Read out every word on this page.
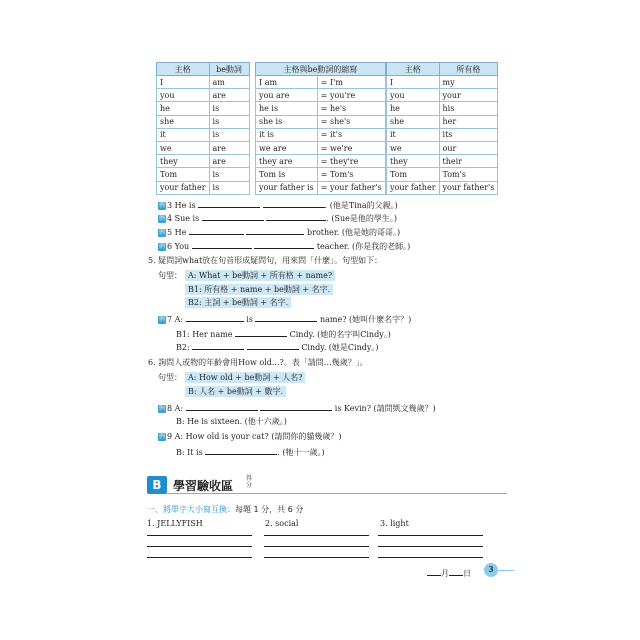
主格	be動詞
I	am
you	are
he	is
she	is
it	is
we	are
they	are
Tom	is
your father	is
主格與be動詞的縮寫	
I am	= I'm
you are	= you're
he is	= he's
she is	= she's
it is	= it's
we are	= we're
they are	= they're
Tom is	= Tom's
your father is	= your father's
主格	所有格
I	my
you	your
he	his
she	her
it	its
we	our
they	their
Tom	Tom's
your father	your father's
例 3 He is	. (他是Tina的父親。)
例 4 Sue is	. (Sue是他的學生。)
例 5 He	brother. (他是她的哥哥。)
例 6 You	teacher. (你是我的老師。)
5. 疑問詞what放在句首形成疑問句，用來問「什麼」。句型如下：
句型： A: What + be動詞 + 所有格 + name?
B1: 所有格 + name + be動詞 + 名字.
B2: 主詞 + be動詞 + 名字.
例 7 A:	is	name? (她叫什麼名字？)
B1: Her name	Cindy. (她的名字叫Cindy。)
B2:	Cindy. (她是Cindy。)
6. 詢問人或物的年齡會用How old...?。表「請問…幾歲？」。
句型： A: How old + be動詞 + 人名?
B: 人名 + be動詞 + 數字.
例 8 A:	is Kevin? (請問凱文幾歲？)
B: He is sixteen. (他十六歲。)
例 9 A: How old is your cat? (請問你的貓幾歲？)
B: It is	. (牠十一歲。)
B 學習驗收區
得分
一、將單字大小寫互換：每題 1 分，共 6 分
1. JELLYFISH	2. social	3. light
月 日	3
